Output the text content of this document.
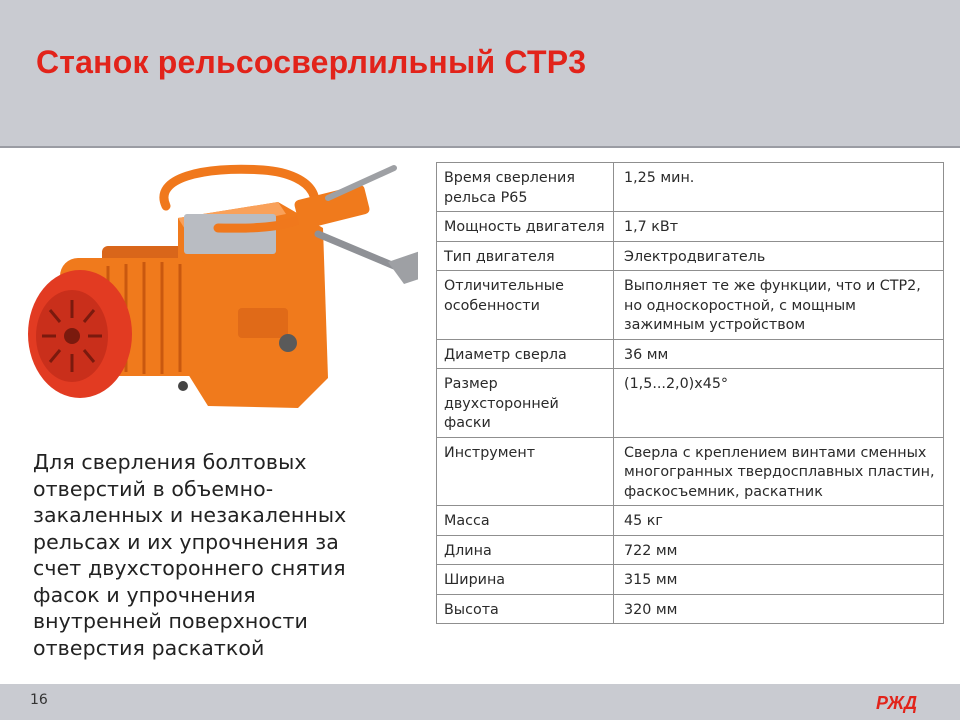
Станок рельсосверлильный СТР3
Для сверления болтовых отверстий в объемно-закаленных и незакаленных рельсах и их упрочнения за счет двухстороннего снятия фасок и упрочнения внутренней поверхности отверстия раскаткой
Время сверления рельса Р65	1,25 мин.
Мощность двигателя	1,7 кВт
Тип двигателя	Электродвигатель
Отличительные особенности	Выполняет те же функции, что и СТР2, но односкоростной, с мощным зажимным устройством
Диаметр сверла	36 мм
Размер двухсторонней фаски	(1,5...2,0)х45°
Инструмент	Сверла с креплением винтами сменных многогранных твердосплавных пластин, фаскосъемник, раскатник
Масса	45 кг
Длина	722 мм
Ширина	315 мм
Высота	320 мм
16	РЖД
